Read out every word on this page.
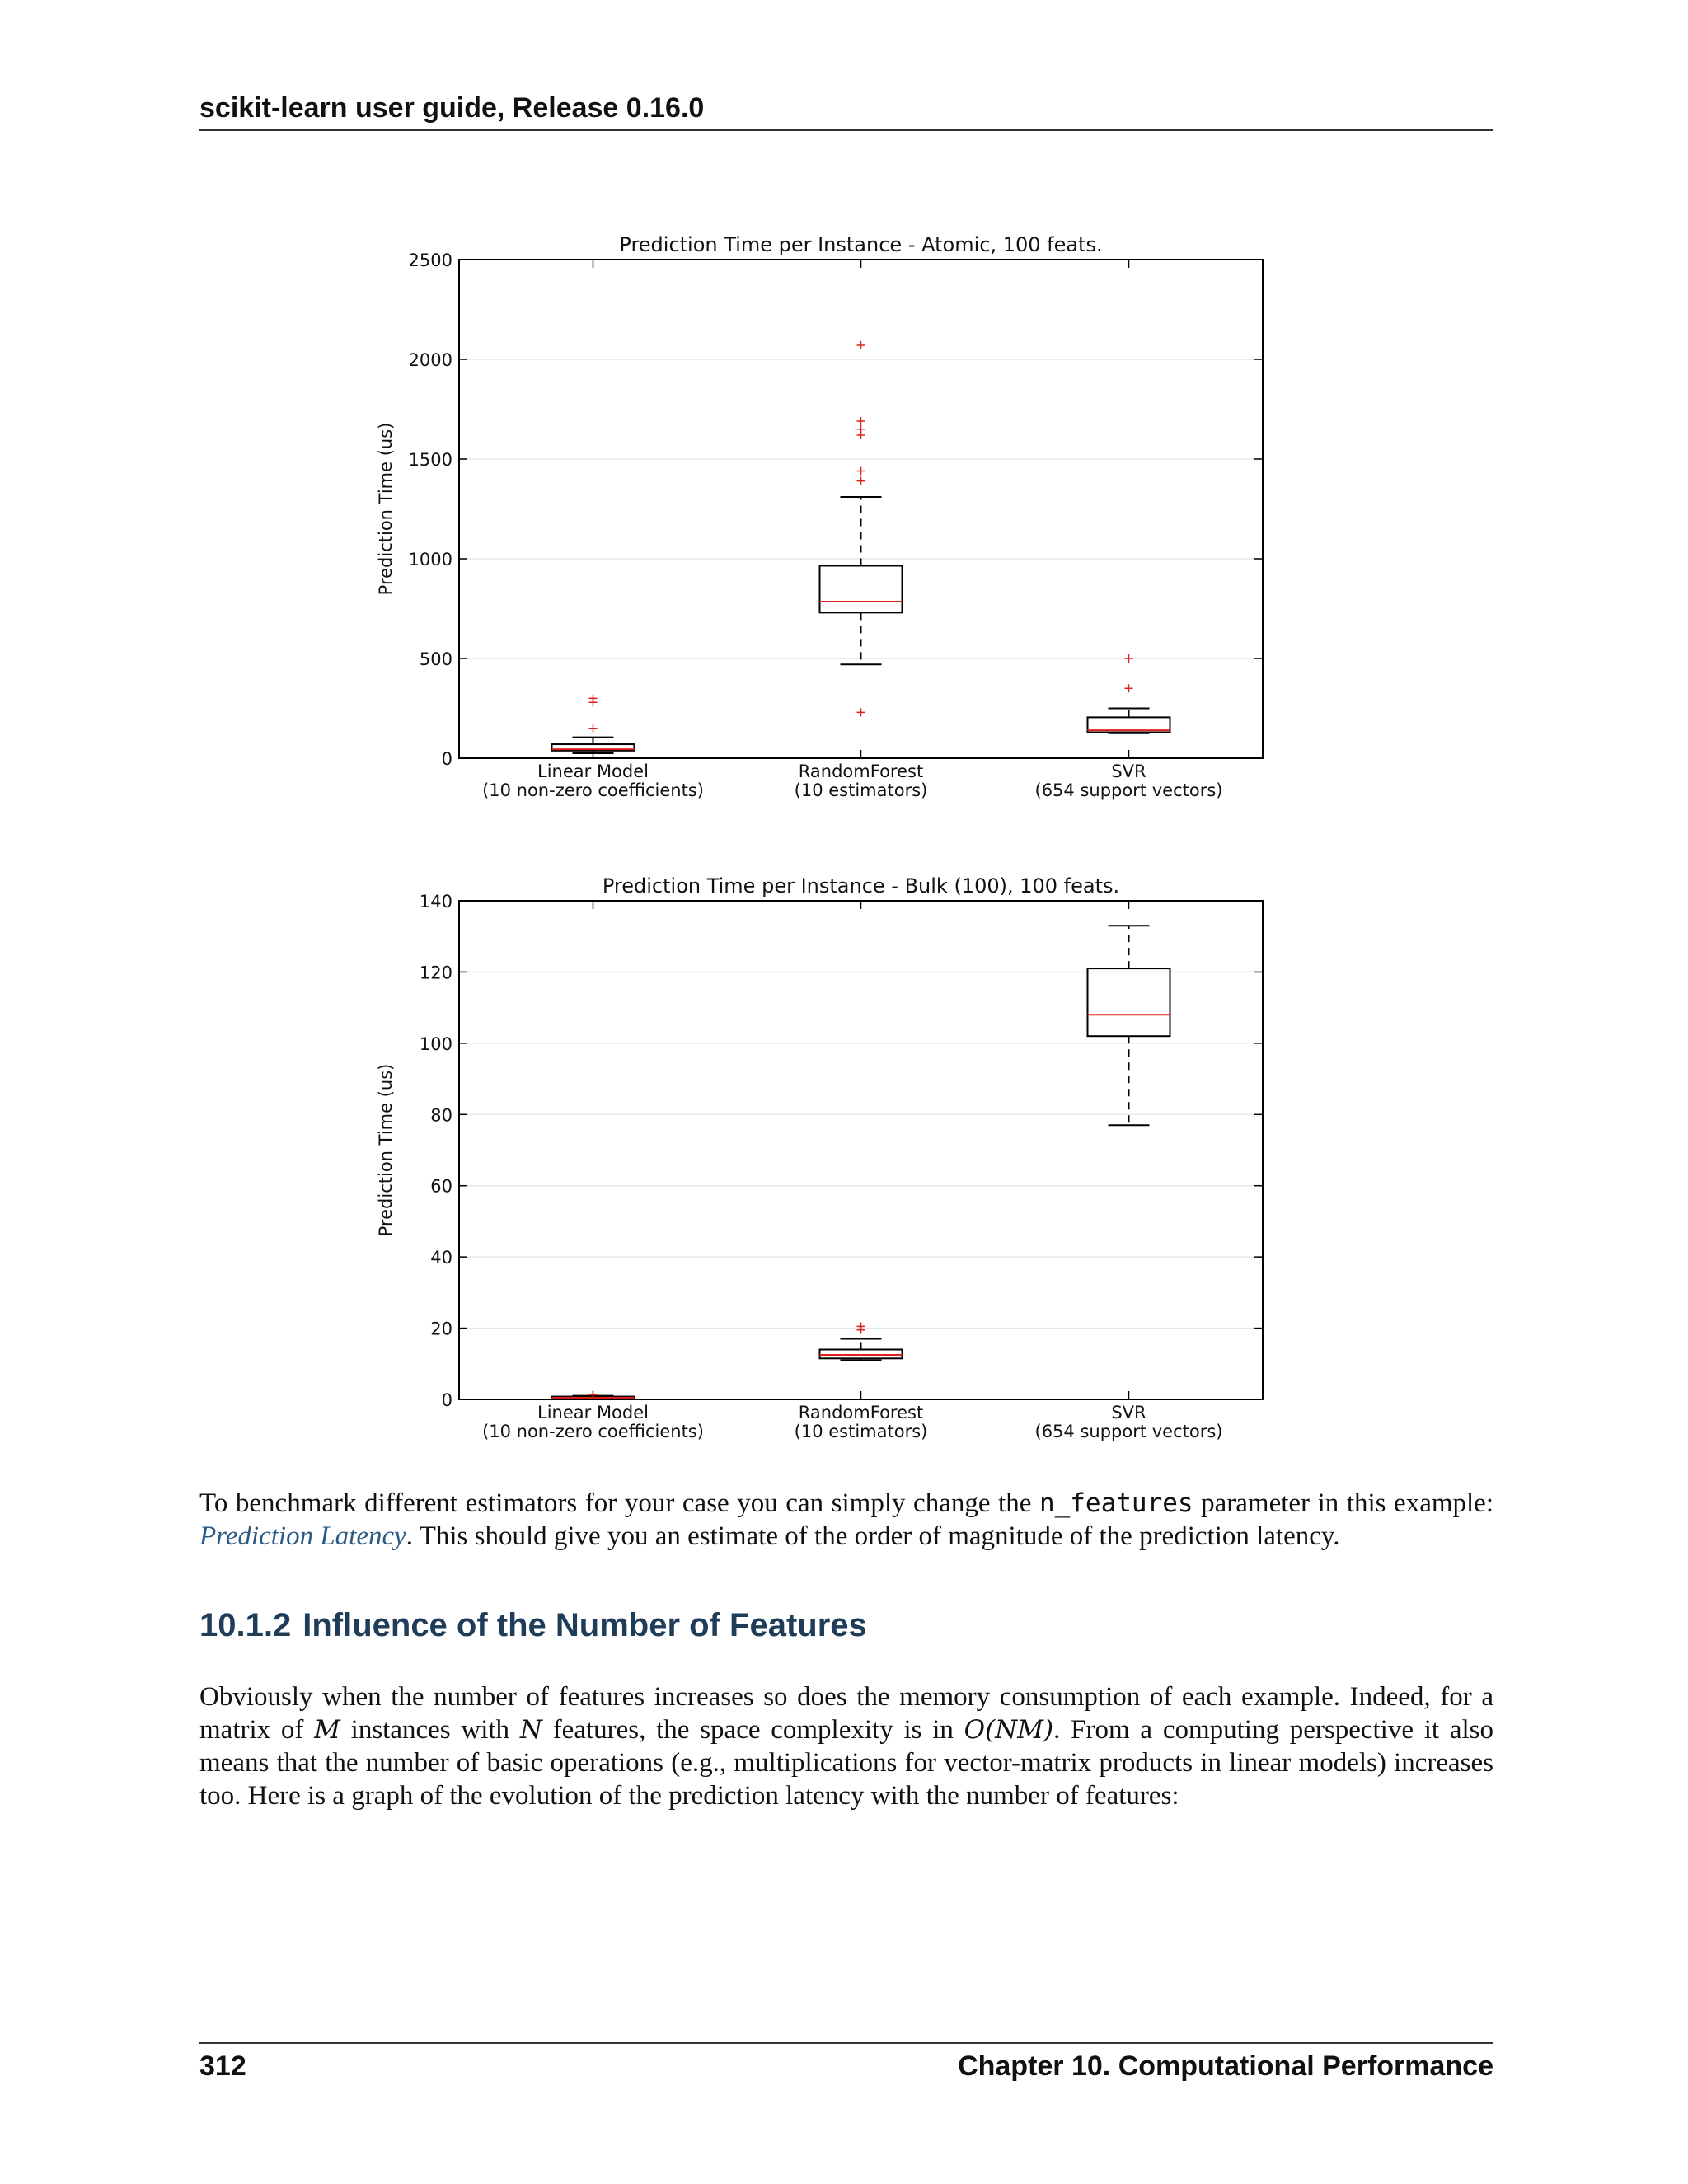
scikit-learn user guide, Release 0.16.0
0
500
1000
1500
2000
2500
Prediction Time per Instance - Atomic, 100 feats.
Prediction Time (us)
Linear Model
(10 non-zero coefficients)
RandomForest
(10 estimators)
SVR
(654 support vectors)
0
20
40
60
80
100
120
140
Prediction Time per Instance - Bulk (100), 100 feats.
Prediction Time (us)
Linear Model
(10 non-zero coefficients)
RandomForest
(10 estimators)
SVR
(654 support vectors)

To benchmark different estimators for your case you can simply change the n_features parameter in this example: Prediction Latency. This should give you an estimate of the order of magnitude of the prediction latency.

10.1.2 Influence of the Number of Features

Obviously when the number of features increases so does the memory consumption of each example. Indeed, for a matrix of M instances with N features, the space complexity is in O(NM). From a computing perspective it also means that the number of basic operations (e.g., multiplications for vector-matrix products in linear models) increases too. Here is a graph of the evolution of the prediction latency with the number of features:

312	Chapter 10. Computational Performance
